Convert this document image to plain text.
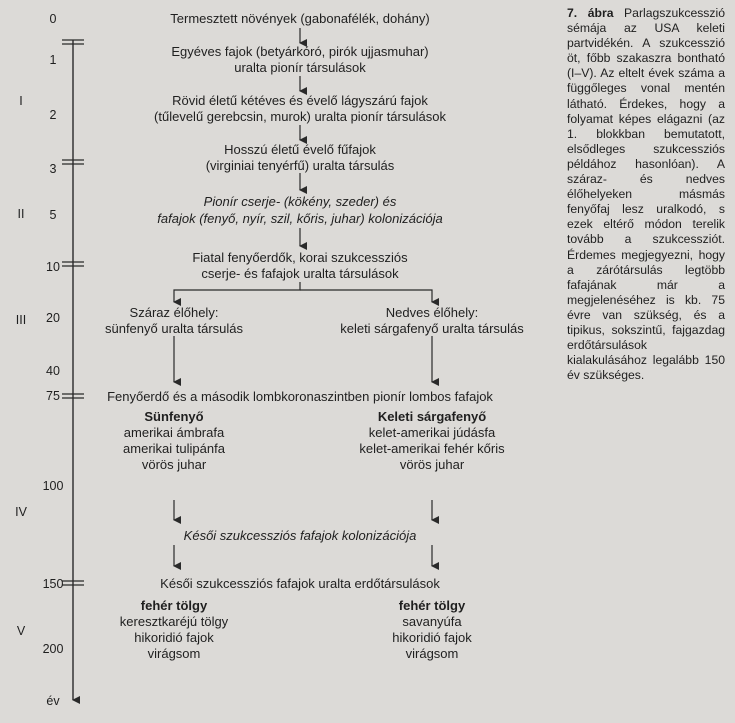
0
1
2
3
5
10
20
40
75
100
150
200
év
I
II
III
IV
V
Termesztett növények (gabonafélék, dohány)
Egyéves fajok (betyárkóró, pirók ujjasmuhar)
uralta pionír társulások
Rövid életű kétéves és évelő lágyszárú fajok
(tűlevelű gerebcsin, murok) uralta pionír társulások
Hosszú életű évelő fűfajok
(virginiai tenyérfű) uralta társulás
Pionír cserje- (kökény, szeder) és
fafajok (fenyő, nyír, szil, kőris, juhar) kolonizációja
Fiatal fenyőerdők, korai szukcessziós
cserje- és fafajok uralta társulások
Száraz élőhely:
sünfenyő uralta társulás
Nedves élőhely:
keleti sárgafenyő uralta társulás
Fenyőerdő és a második lombkoronaszintben pionír lombos fafajok
Sünfenyő
amerikai ámbrafa
amerikai tulipánfa
vörös juhar
Keleti sárgafenyő
kelet-amerikai júdásfa
kelet-amerikai fehér kőris
vörös juhar
Késői szukcessziós fafajok kolonizációja
Késői szukcessziós fafajok uralta erdőtársulások
fehér tölgy
keresztkaréjú tölgy
hikoridió fajok
virágsom
fehér tölgy
savanyúfa
hikoridió fajok
virágsom
7. ábra Parlagszukcesszió sémája az USA keleti partvidékén. A szukcesszió öt, főbb szakaszra bontható (I–V). Az eltelt évek száma a függőleges vonal mentén látható. Érdekes, hogy a folyamat képes elágazni (az 1. blokkban bemutatott, elsődleges szukcessziós példához hasonlóan). A száraz- és nedves élőhelyeken másmás fenyőfaj lesz uralkodó, s ezek eltérő módon terelik tovább a szukcessziót. Érdemes megjegyezni, hogy a zárótársulás legtöbb fafajának már a megjelenéséhez is kb. 75 évre van szükség, és a tipikus, sokszintű, fajgazdag erdőtársulások kialakulásához legalább 150 év szükséges.
